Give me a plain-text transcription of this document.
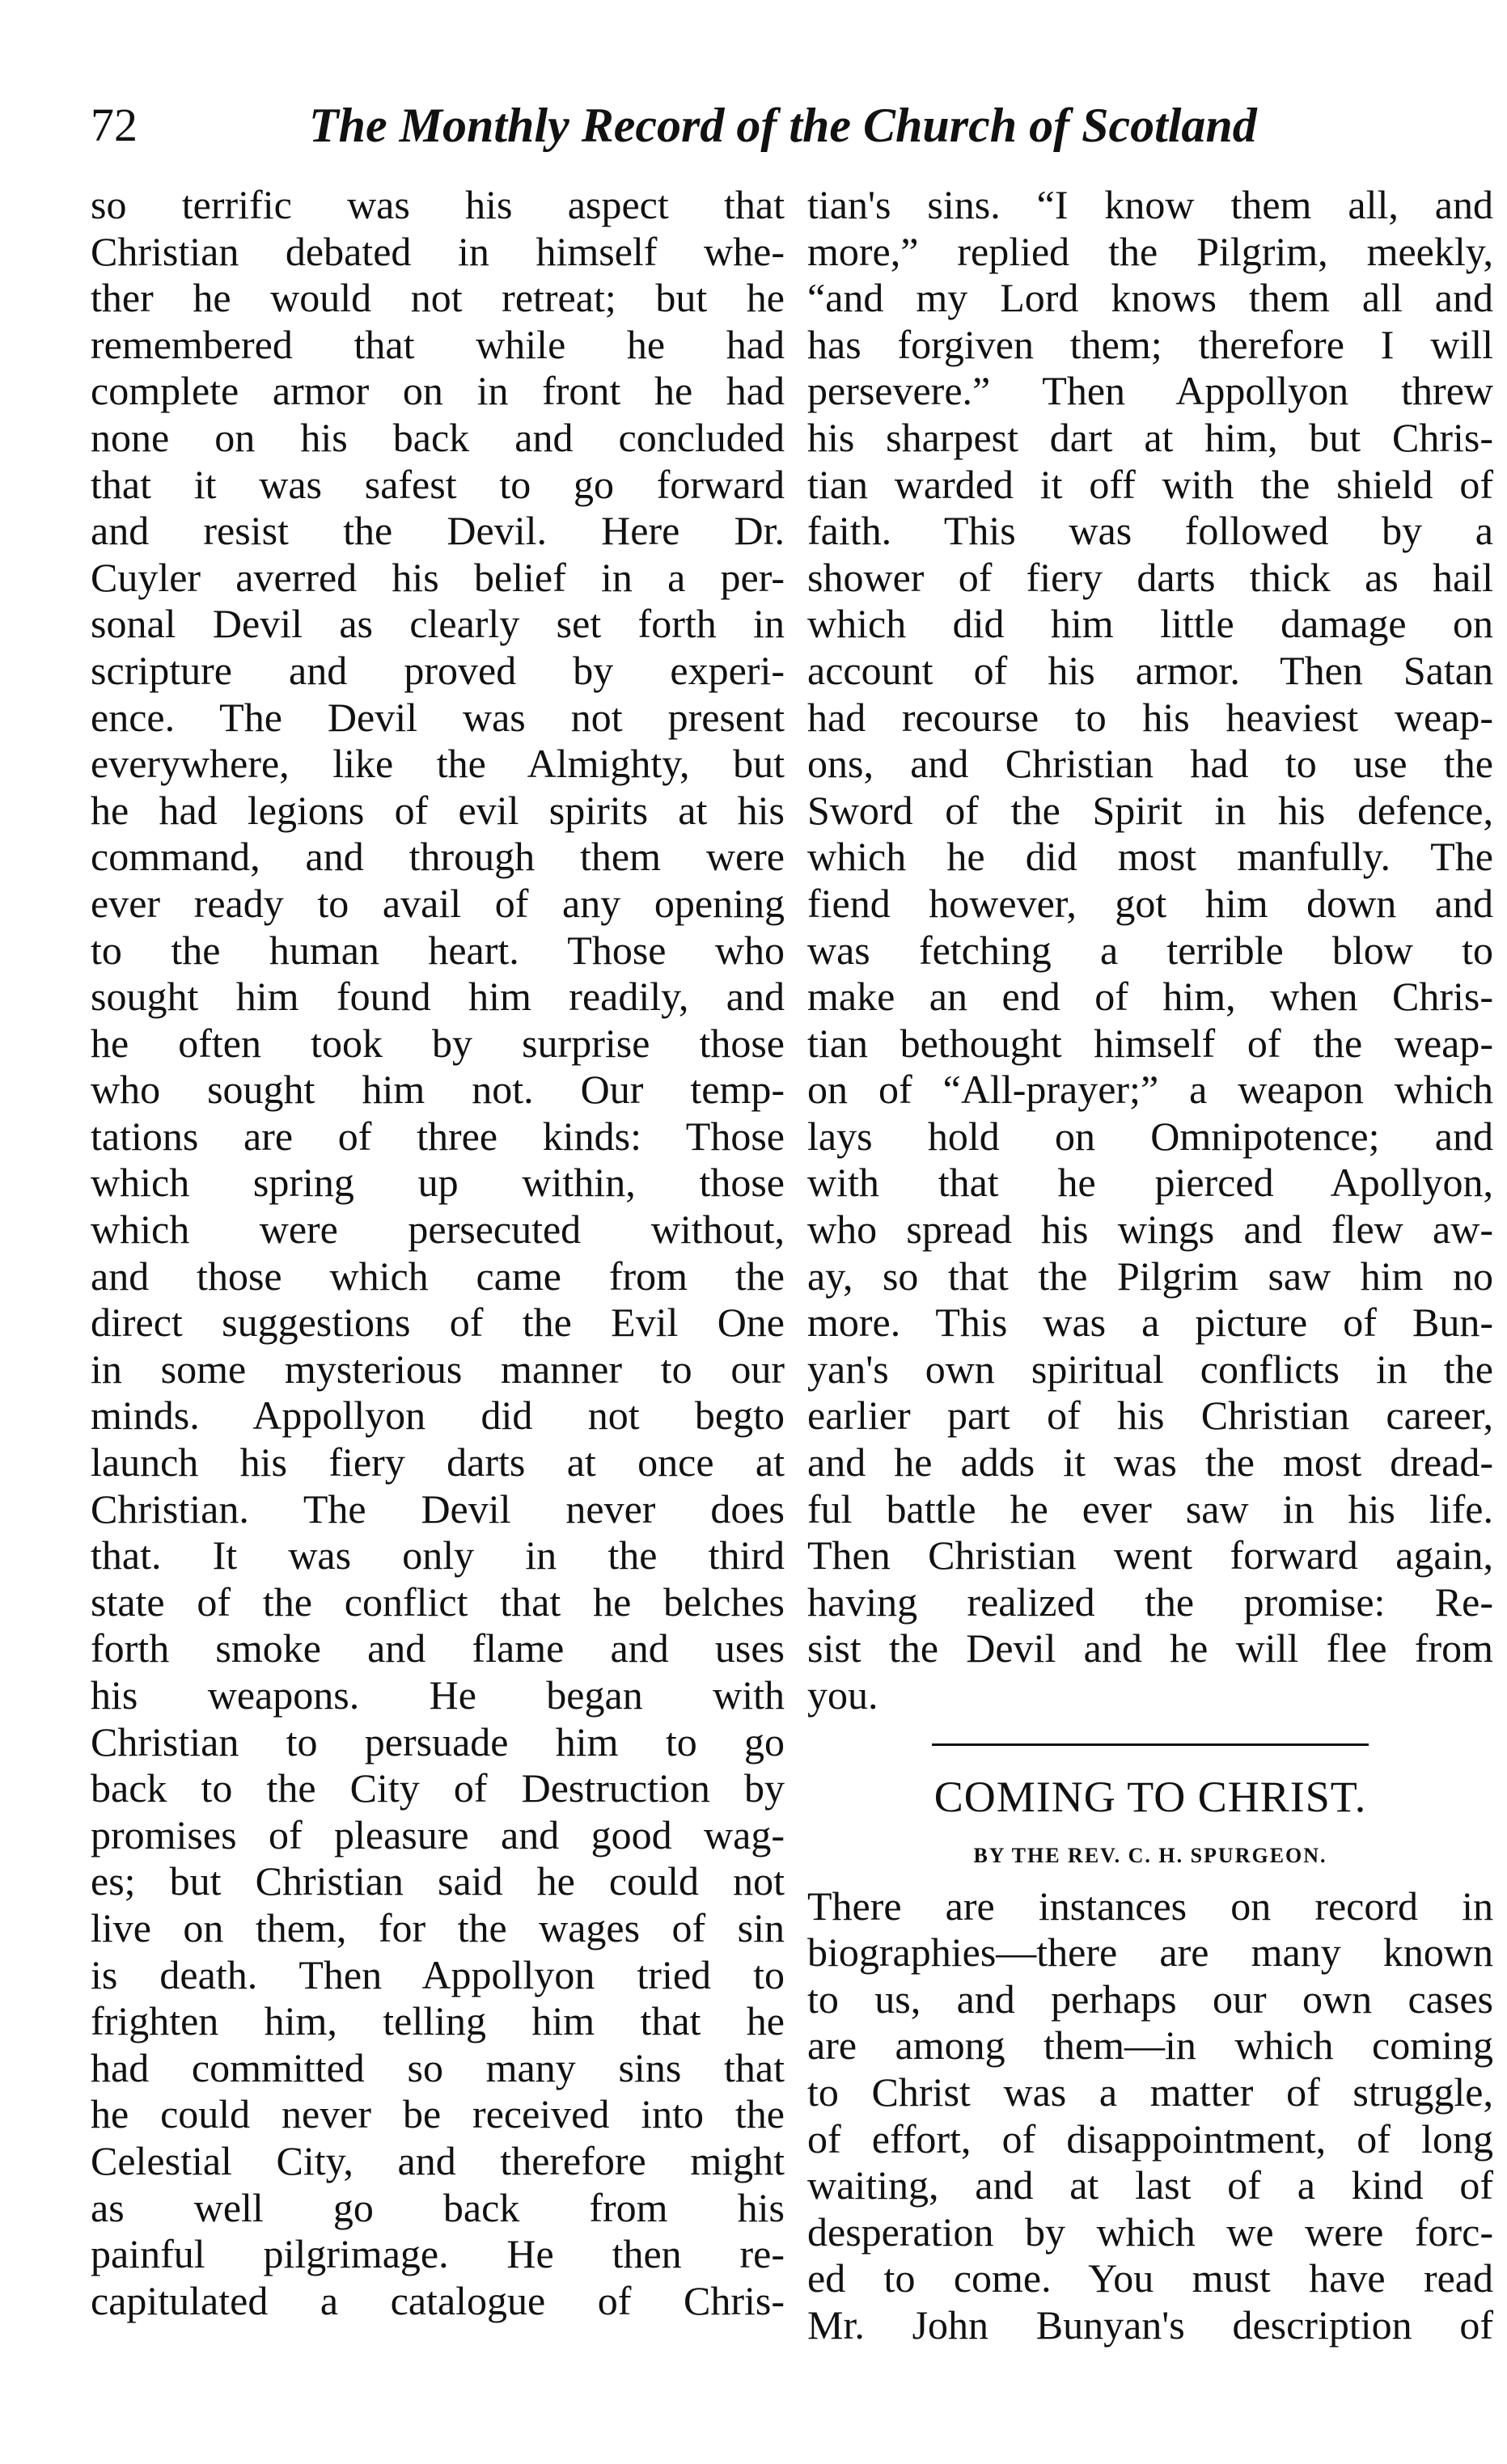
72	The Monthly Record of the Church of Scotland
so terrific was his aspect that
Christian debated in himself whe-
ther he would not retreat; but he
remembered that while he had
complete armor on in front he had
none on his back and concluded
that it was safest to go forward
and resist the Devil. Here Dr.
Cuyler averred his belief in a per-
sonal Devil as clearly set forth in
scripture and proved by experi-
ence. The Devil was not present
everywhere, like the Almighty, but
he had legions of evil spirits at his
command, and through them were
ever ready to avail of any opening
to the human heart. Those who
sought him found him readily, and
he often took by surprise those
who sought him not. Our temp-
tations are of three kinds: Those
which spring up within, those
which were persecuted without,
and those which came from the
direct suggestions of the Evil One
in some mysterious manner to our
minds. Appollyon did not begto
launch his fiery darts at once at
Christian. The Devil never does
that. It was only in the third
state of the conflict that he belches
forth smoke and flame and uses
his weapons. He began with
Christian to persuade him to go
back to the City of Destruction by
promises of pleasure and good wag-
es; but Christian said he could not
live on them, for the wages of sin
is death. Then Appollyon tried to
frighten him, telling him that he
had committed so many sins that
he could never be received into the
Celestial City, and therefore might
as well go back from his
painful pilgrimage. He then re-
capitulated a catalogue of Chris-
tian's sins. “I know them all, and
more,” replied the Pilgrim, meekly,
“and my Lord knows them all and
has forgiven them; therefore I will
persevere.” Then Appollyon threw
his sharpest dart at him, but Chris-
tian warded it off with the shield of
faith. This was followed by a
shower of fiery darts thick as hail
which did him little damage on
account of his armor. Then Satan
had recourse to his heaviest weap-
ons, and Christian had to use the
Sword of the Spirit in his defence,
which he did most manfully. The
fiend however, got him down and
was fetching a terrible blow to
make an end of him, when Chris-
tian bethought himself of the weap-
on of “All-prayer;” a weapon which
lays hold on Omnipotence; and
with that he pierced Apollyon,
who spread his wings and flew aw-
ay, so that the Pilgrim saw him no
more. This was a picture of Bun-
yan's own spiritual conflicts in the
earlier part of his Christian career,
and he adds it was the most dread-
ful battle he ever saw in his life.
Then Christian went forward again,
having realized the promise: Re-
sist the Devil and he will flee from
you.
COMING TO CHRIST.
BY THE REV. C. H. SPURGEON.
There are instances on record in
biographies—there are many known
to us, and perhaps our own cases
are among them—in which coming
to Christ was a matter of struggle,
of effort, of disappointment, of long
waiting, and at last of a kind of
desperation by which we were forc-
ed to come. You must have read
Mr. John Bunyan's description of
